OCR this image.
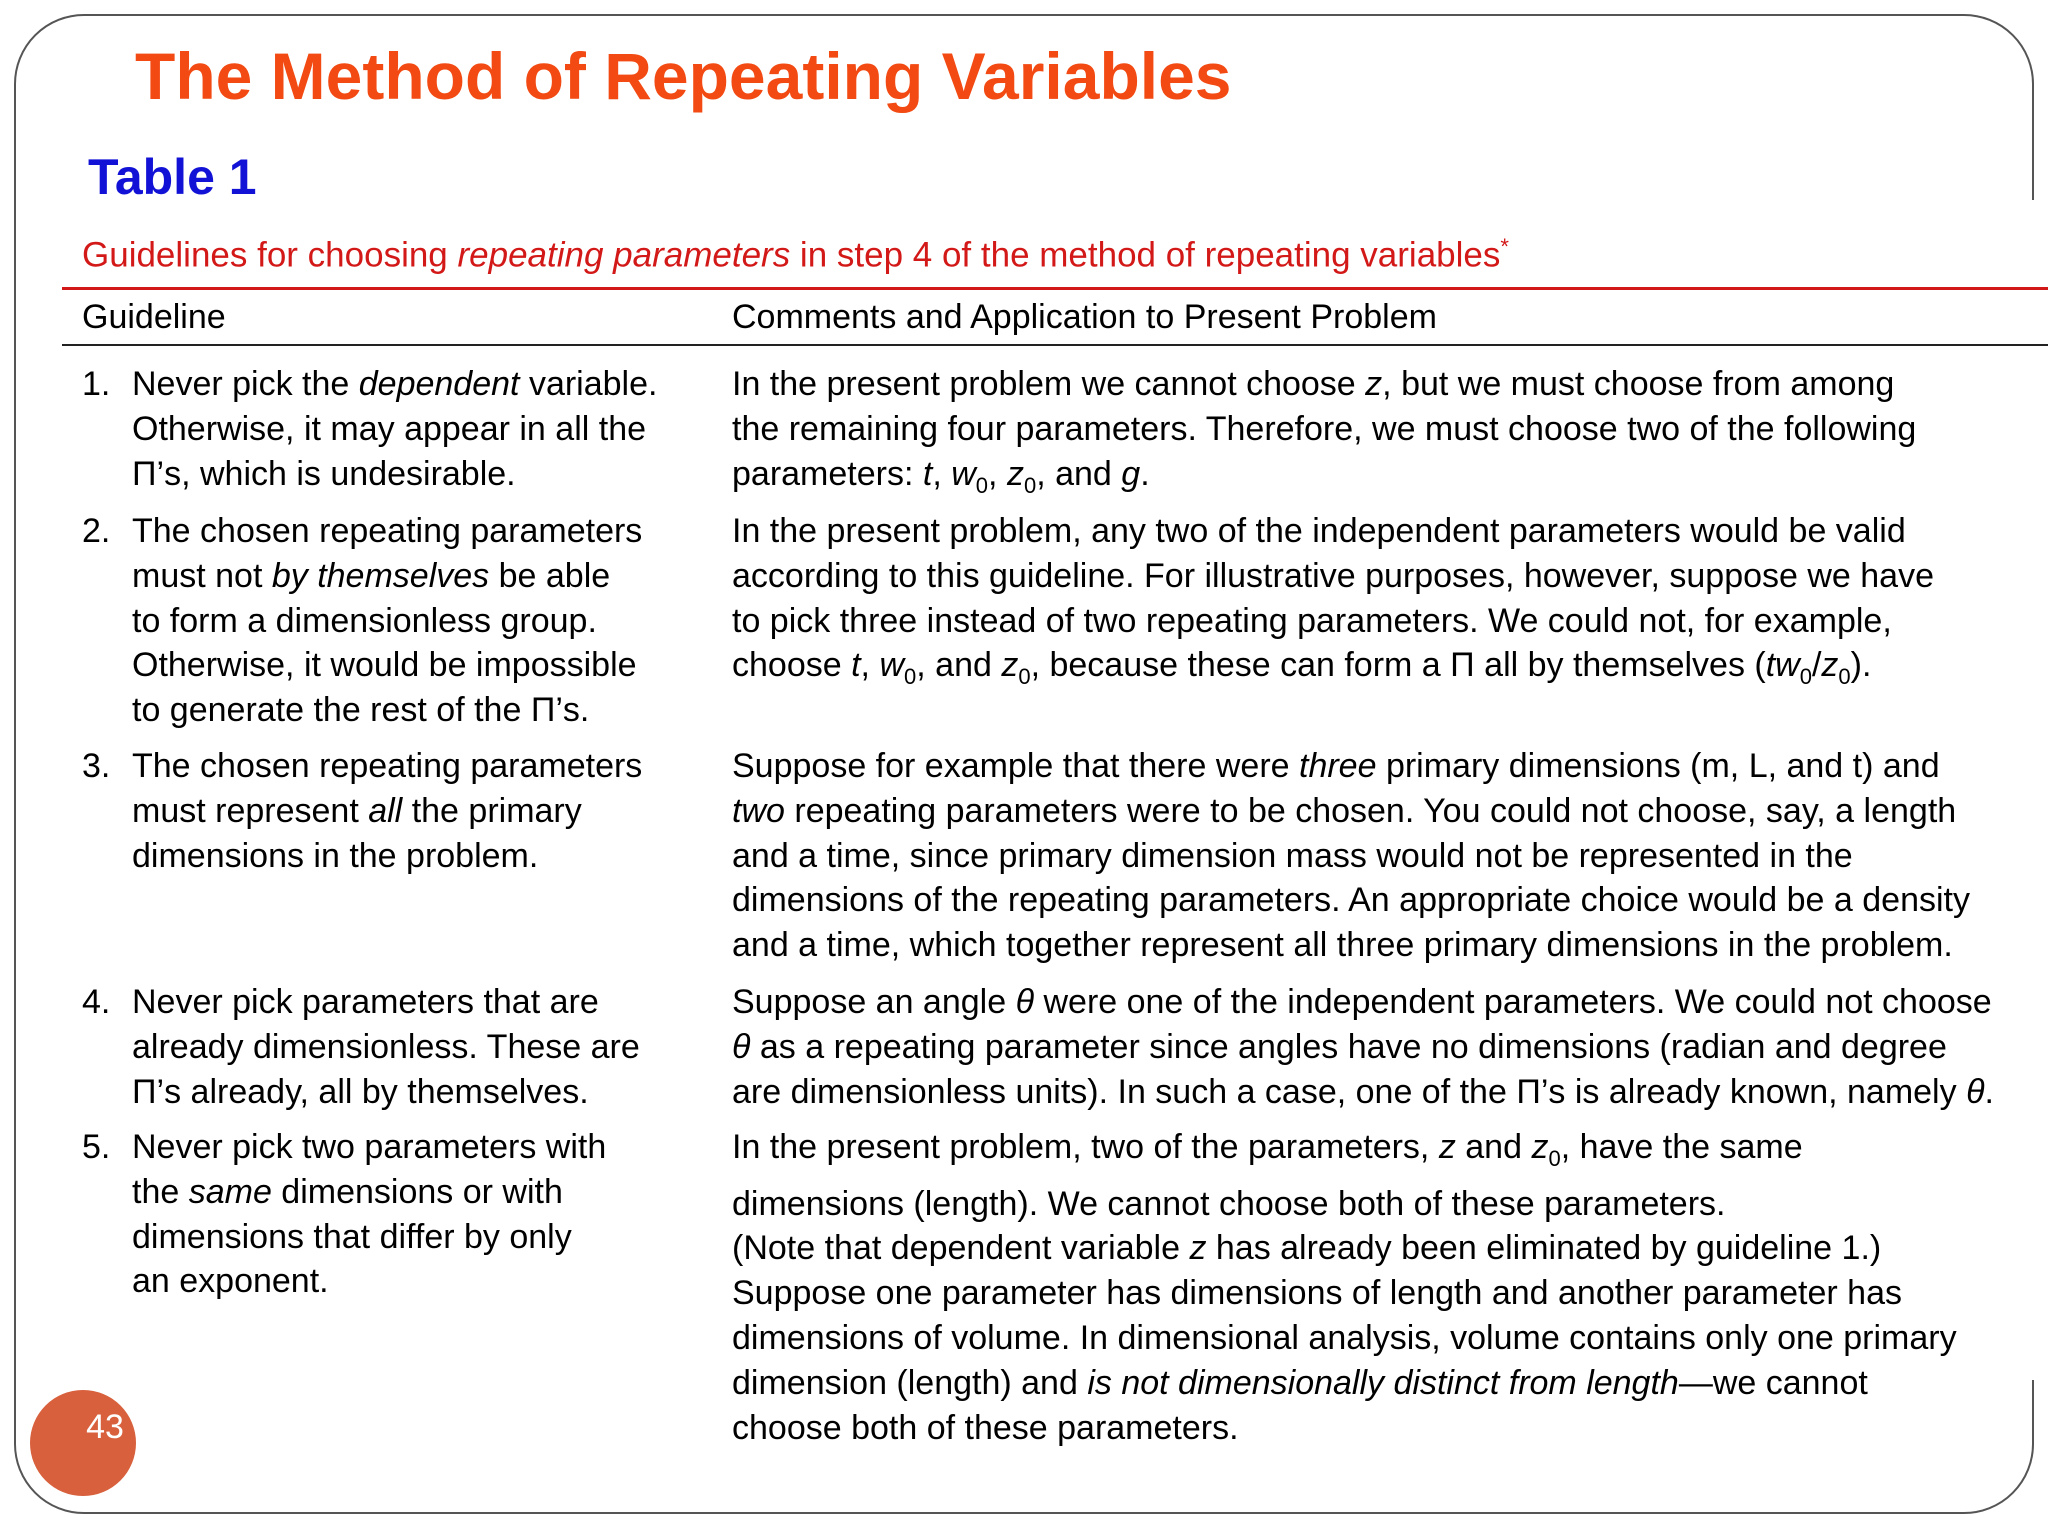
The Method of Repeating Variables
Table 1
Guidelines for choosing repeating parameters in step 4 of the method of repeating variables*
Guideline	Comments and Application to Present Problem
1. Never pick the dependent variable.
Otherwise, it may appear in all the
Π’s, which is undesirable.
In the present problem we cannot choose z, but we must choose from among
the remaining four parameters. Therefore, we must choose two of the following
parameters: t, $w_0$, $z_0$, and g.
2. The chosen repeating parameters
must not by themselves be able
to form a dimensionless group.
Otherwise, it would be impossible
to generate the rest of the Π’s.
In the present problem, any two of the independent parameters would be valid
according to this guideline. For illustrative purposes, however, suppose we have
to pick three instead of two repeating parameters. We could not, for example,
choose t, $w_0$, and $z_0$, because these can form a Π all by themselves $(tw_0/z_0)$.
3. The chosen repeating parameters
must represent all the primary
dimensions in the problem.
Suppose for example that there were three primary dimensions (m, L, and t) and
two repeating parameters were to be chosen. You could not choose, say, a length
and a time, since primary dimension mass would not be represented in the
dimensions of the repeating parameters. An appropriate choice would be a density
and a time, which together represent all three primary dimensions in the problem.
4. Never pick parameters that are
already dimensionless. These are
Π’s already, all by themselves.
Suppose an angle θ were one of the independent parameters. We could not choose
θ as a repeating parameter since angles have no dimensions (radian and degree
are dimensionless units). In such a case, one of the Π’s is already known, namely θ.
5. Never pick two parameters with
the same dimensions or with
dimensions that differ by only
an exponent.
In the present problem, two of the parameters, z and $z_0$, have the same
dimensions (length). We cannot choose both of these parameters.
(Note that dependent variable z has already been eliminated by guideline 1.)
Suppose one parameter has dimensions of length and another parameter has
dimensions of volume. In dimensional analysis, volume contains only one primary
dimension (length) and is not dimensionally distinct from length—we cannot
choose both of these parameters.
43
